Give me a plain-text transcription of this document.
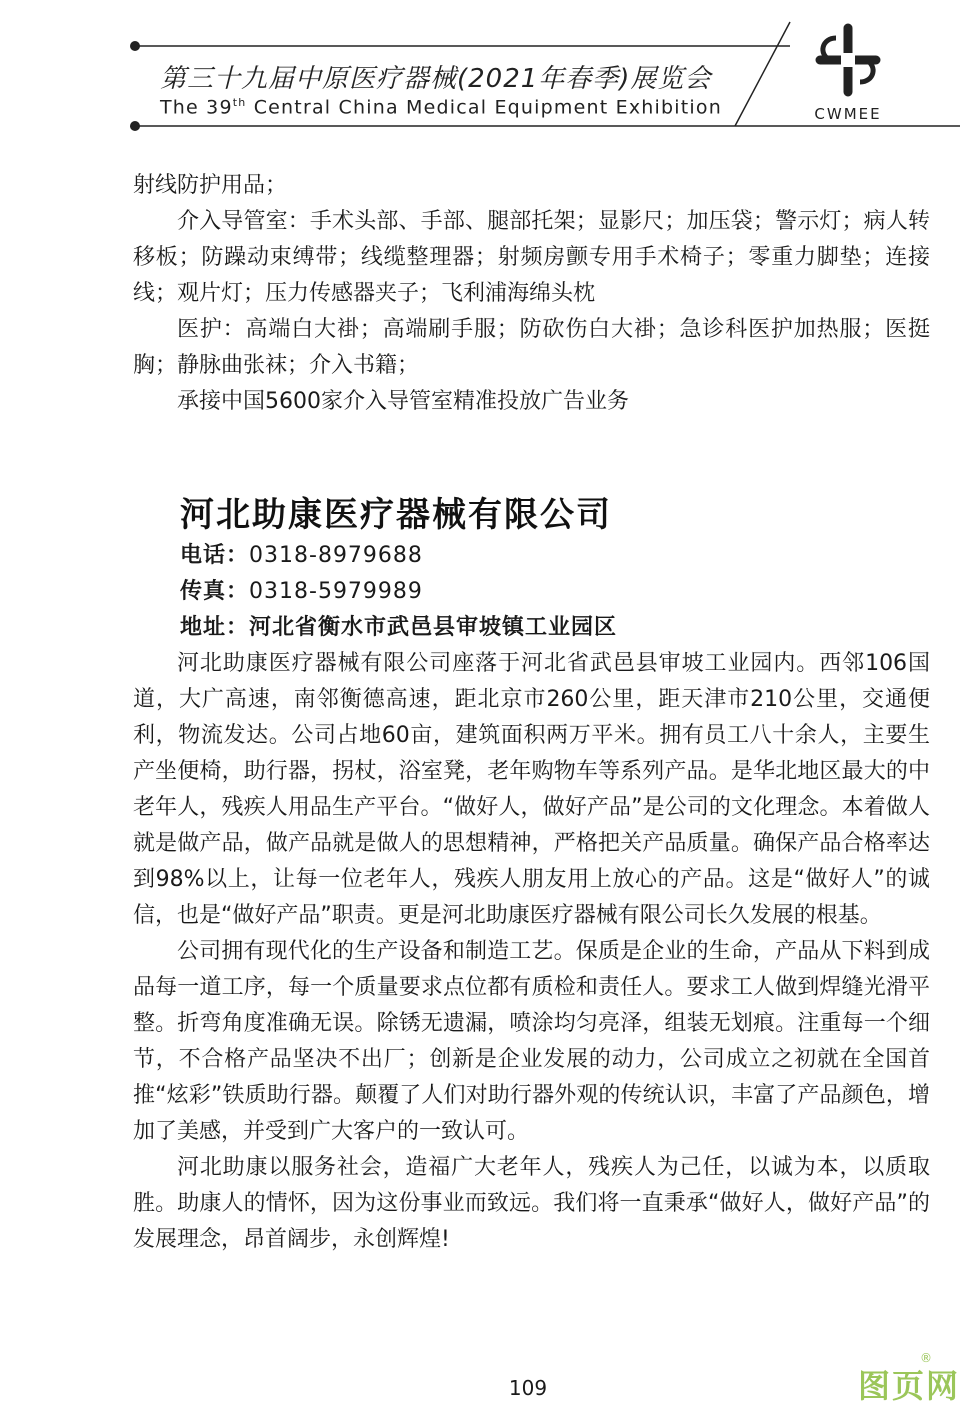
第三十九届中原医疗器械(2021年春季)展览会
The 39th Central China Medical Equipment Exhibition	CWMEE

射线防护用品；

介入导管室：手术头部、手部、腿部托架；显影尺；加压袋；警示灯；病人转移板；防躁动束缚带；线缆整理器；射频房颤专用手术椅子；零重力脚垫；连接线；观片灯；压力传感器夹子；飞利浦海绵头枕

医护：高端白大褂；高端刷手服；防砍伤白大褂；急诊科医护加热服；医挺胸；静脉曲张袜；介入书籍；

承接中国5600家介入导管室精准投放广告业务

河北助康医疗器械有限公司
电话：0318-8979688
传真：0318-5979989
地址：河北省衡水市武邑县审坡镇工业园区

河北助康医疗器械有限公司座落于河北省武邑县审坡工业园内。西邻106国道，大广高速，南邻衡德高速，距北京市260公里，距天津市210公里，交通便利，物流发达。公司占地60亩，建筑面积两万平米。拥有员工八十余人，主要生产坐便椅，助行器，拐杖，浴室凳，老年购物车等系列产品。是华北地区最大的中老年人，残疾人用品生产平台。“做好人，做好产品”是公司的文化理念。本着做人就是做产品，做产品就是做人的思想精神，严格把关产品质量。确保产品合格率达到98%以上，让每一位老年人，残疾人朋友用上放心的产品。这是“做好人”的诚信，也是“做好产品”职责。更是河北助康医疗器械有限公司长久发展的根基。

公司拥有现代化的生产设备和制造工艺。保质是企业的生命，产品从下料到成品每一道工序，每一个质量要求点位都有质检和责任人。要求工人做到焊缝光滑平整。折弯角度准确无误。除锈无遗漏，喷涂均匀亮泽，组装无划痕。注重每一个细节，不合格产品坚决不出厂；创新是企业发展的动力，公司成立之初就在全国首推“炫彩”铁质助行器。颠覆了人们对助行器外观的传统认识，丰富了产品颜色，增加了美感，并受到广大客户的一致认可。

河北助康以服务社会，造福广大老年人，残疾人为己任，以诚为本，以质取胜。助康人的情怀，因为这份事业而致远。我们将一直秉承“做好人，做好产品”的发展理念，昂首阔步，永创辉煌!

109	图页网
®
